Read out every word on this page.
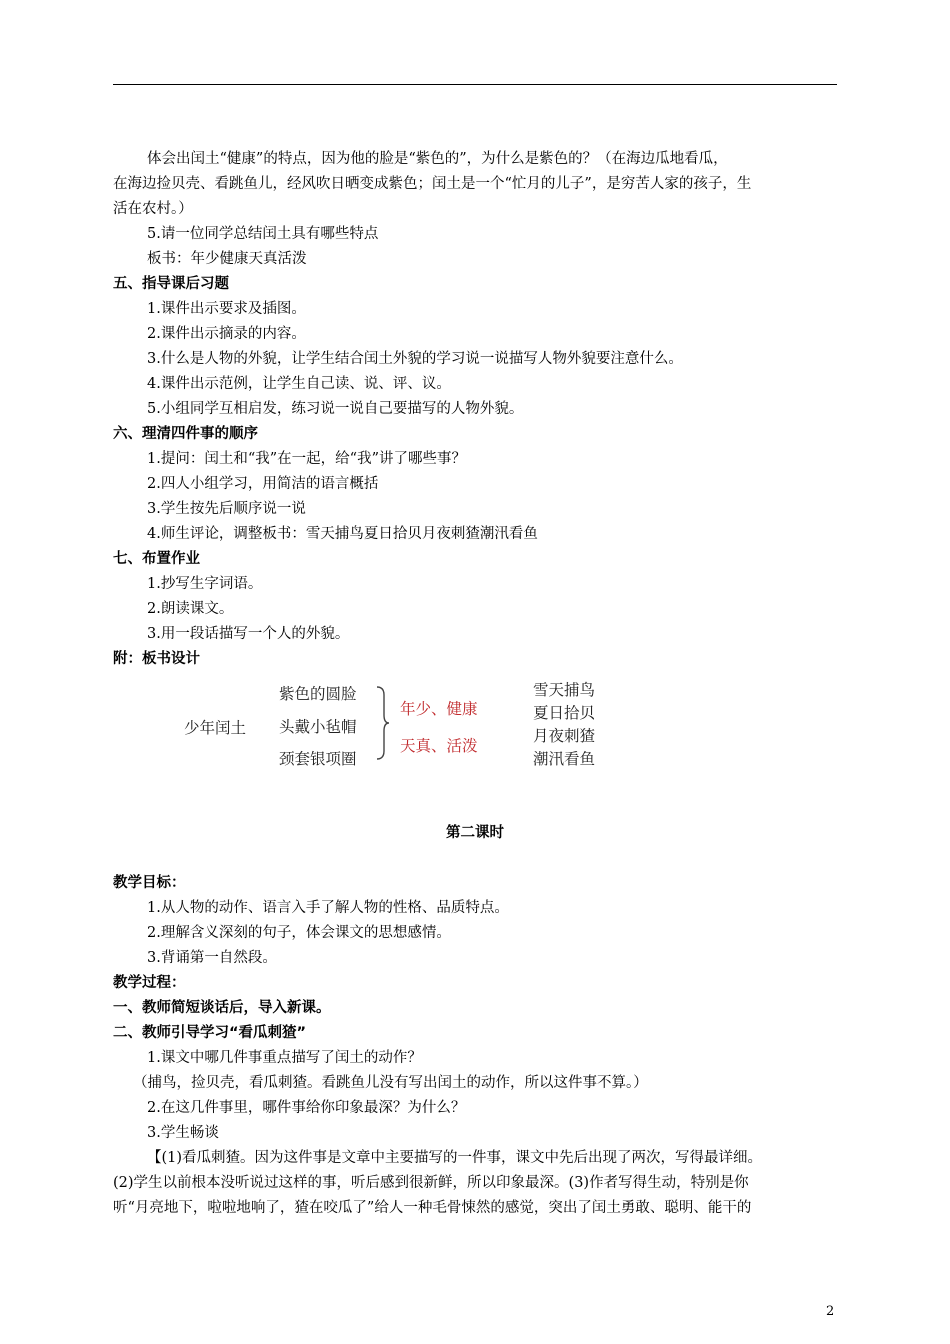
体会出闰土“健康”的特点，因为他的脸是“紫色的”，为什么是紫色的？（在海边瓜地看瓜，
在海边捡贝壳、看跳鱼儿，经风吹日晒变成紫色；闰土是一个“忙月的儿子”，是穷苦人家的孩子，生
活在农村。）
5.请一位同学总结闰土具有哪些特点
板书：年少健康天真活泼
五、指导课后习题
1.课件出示要求及插图。
2.课件出示摘录的内容。
3.什么是人物的外貌，让学生结合闰土外貌的学习说一说描写人物外貌要注意什么。
4.课件出示范例，让学生自己读、说、评、议。
5.小组同学互相启发，练习说一说自己要描写的人物外貌。
六、理清四件事的顺序
1.提问：闰土和“我”在一起，给“我”讲了哪些事？
2.四人小组学习，用简洁的语言概括
3.学生按先后顺序说一说
4.师生评论，调整板书：雪天捕鸟夏日拾贝月夜刺猹潮汛看鱼
七、布置作业
1.抄写生字词语。
2.朗读课文。
3.用一段话描写一个人的外貌。
附：板书设计
少年闰土
紫色的圆脸
头戴小毡帽
颈套银项圈
年少、健康
天真、活泼
雪天捕鸟
夏日拾贝
月夜刺猹
潮汛看鱼
第二课时
教学目标：
1.从人物的动作、语言入手了解人物的性格、品质特点。
2.理解含义深刻的句子，体会课文的思想感情。
3.背诵第一自然段。
教学过程：
一、教师简短谈话后，导入新课。
二、教师引导学习“看瓜刺猹”
1.课文中哪几件事重点描写了闰土的动作？
（捕鸟，捡贝壳，看瓜刺猹。看跳鱼儿没有写出闰土的动作，所以这件事不算。）
2.在这几件事里，哪件事给你印象最深？为什么？
3.学生畅谈
【(1)看瓜刺猹。因为这件事是文章中主要描写的一件事，课文中先后出现了两次，写得最详细。
(2)学生以前根本没听说过这样的事，听后感到很新鲜，所以印象最深。(3)作者写得生动，特别是你
听“月亮地下，啦啦地响了，猹在咬瓜了”给人一种毛骨悚然的感觉，突出了闰土勇敢、聪明、能干的
2
